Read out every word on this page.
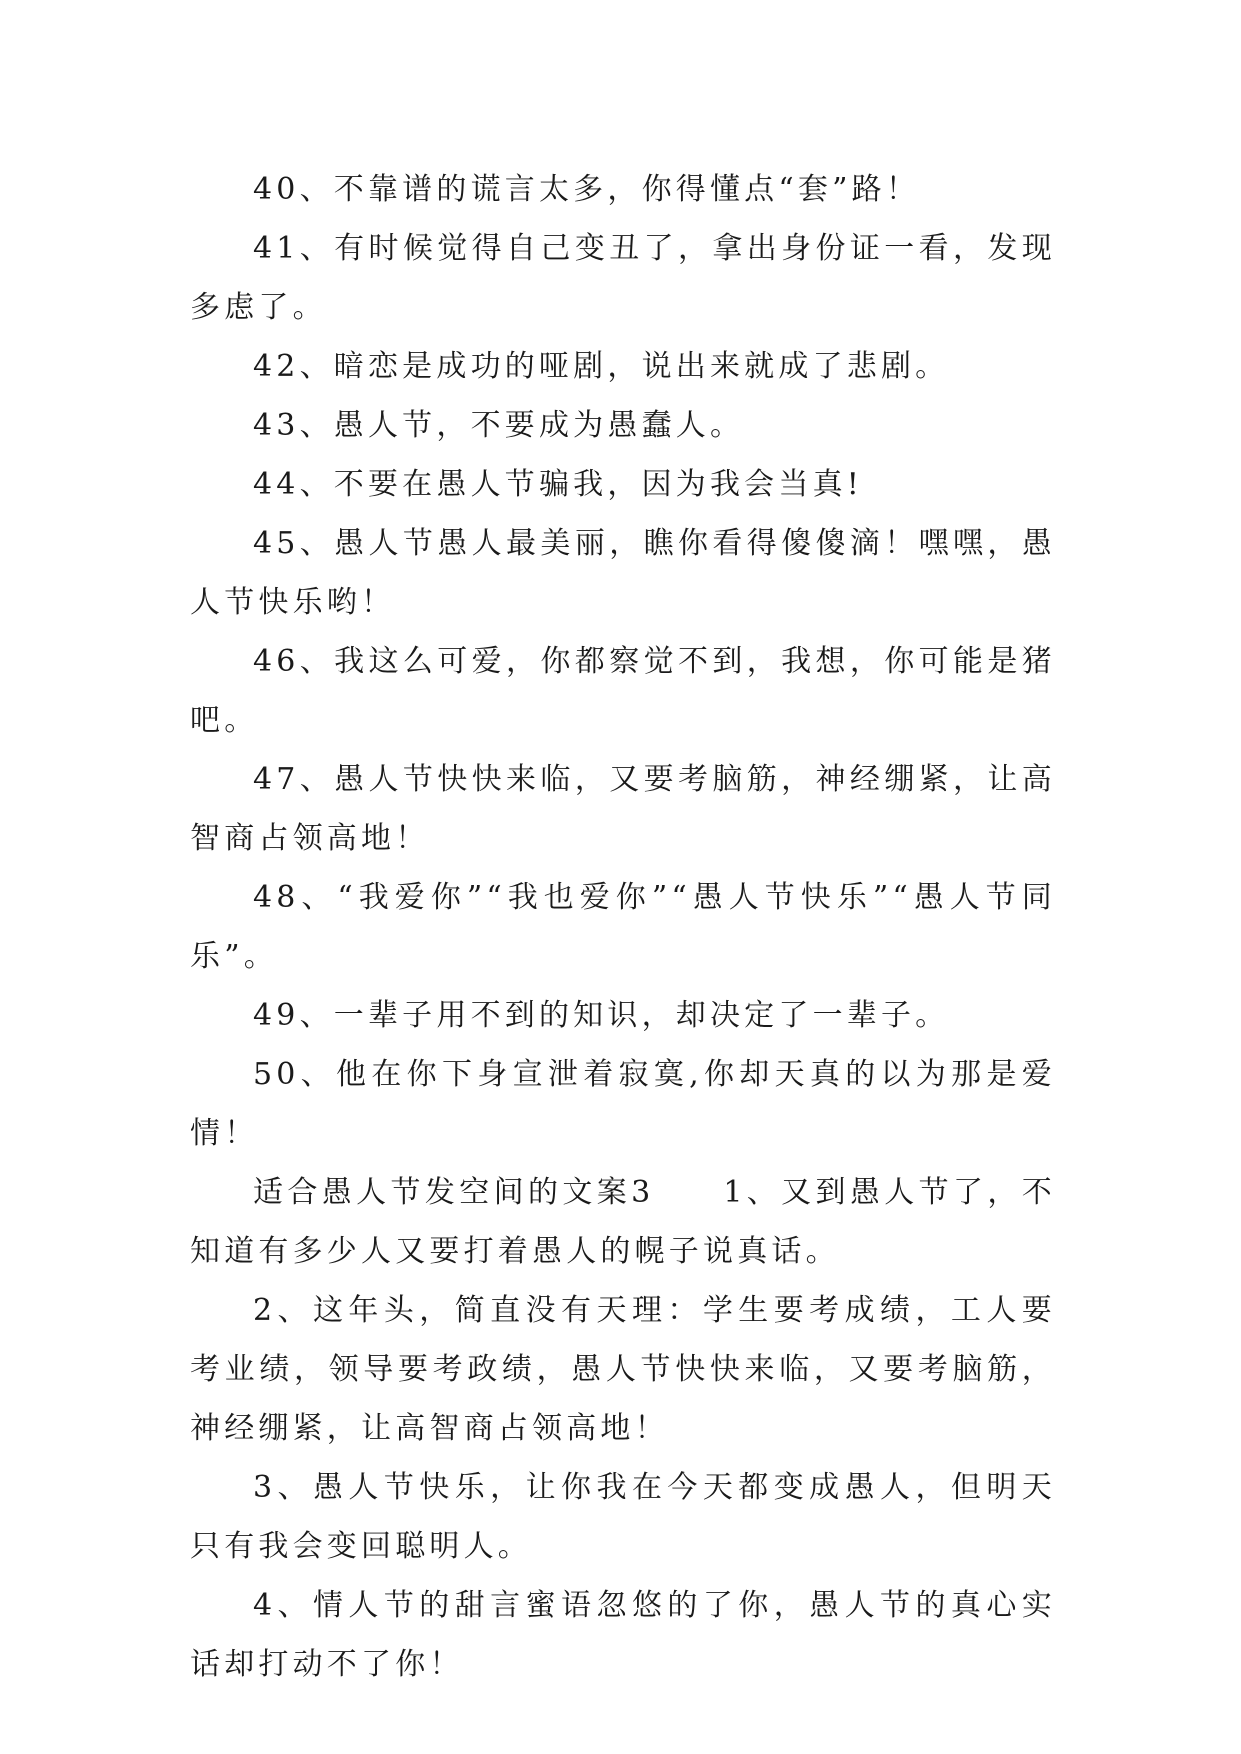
40、不靠谱的谎言太多，你得懂点“套”路！

41、有时候觉得自己变丑了，拿出身份证一看，发现多虑了。

42、暗恋是成功的哑剧，说出来就成了悲剧。

43、愚人节，不要成为愚蠢人。

44、不要在愚人节骗我，因为我会当真!

45、愚人节愚人最美丽，瞧你看得傻傻滴！嘿嘿，愚人节快乐哟！

46、我这么可爱，你都察觉不到，我想，你可能是猪吧。

47、愚人节快快来临，又要考脑筋，神经绷紧，让高智商占领高地！

48、“我爱你”“我也爱你”“愚人节快乐”“愚人节同乐”。

49、一辈子用不到的知识，却决定了一辈子。

50、他在你下身宣泄着寂寞,你却天真的以为那是爱情！

适合愚人节发空间的文案3　　1、又到愚人节了，不知道有多少人又要打着愚人的幌子说真话。

2、这年头，简直没有天理：学生要考成绩，工人要考业绩，领导要考政绩，愚人节快快来临，又要考脑筋，神经绷紧，让高智商占领高地！

3、愚人节快乐，让你我在今天都变成愚人，但明天只有我会变回聪明人。

4、情人节的甜言蜜语忽悠的了你，愚人节的真心实话却打动不了你！
